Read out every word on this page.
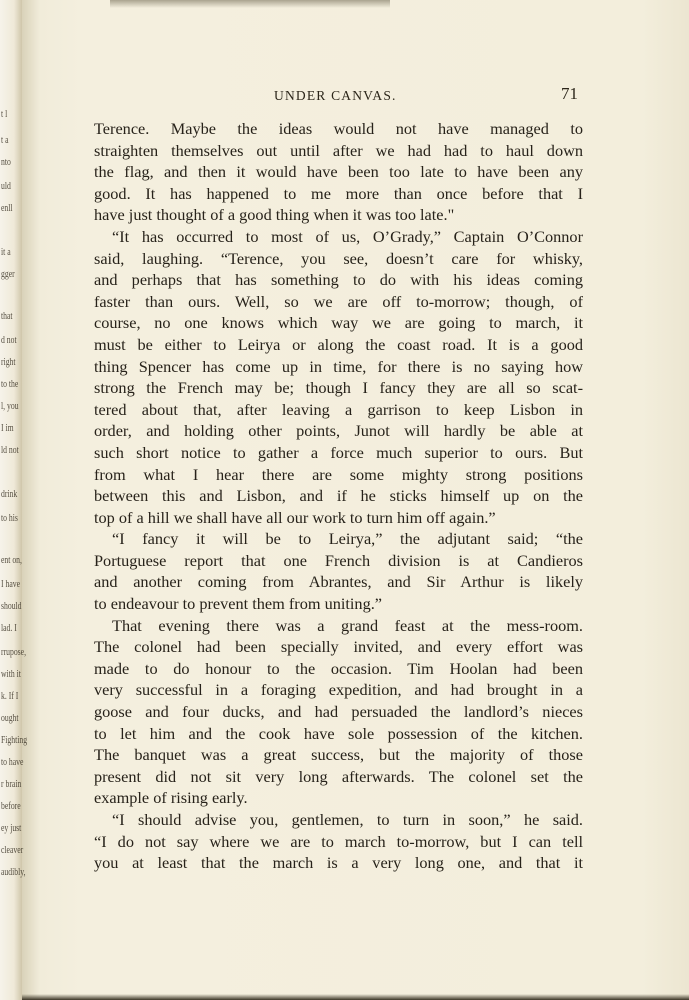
t l
t a
nto
uld
enll
it a
gger
that
d not
right
to the
l, you
I im
ld not
drink
to his
ent on,
I have
should
lad. I
rrupose,
with it
k. If I
ought
Fighting
to have
r brain
before
ey just
cleaver
audibly,
UNDER CANVAS.	71
Terence. Maybe the ideas would not have managed to
straighten themselves out until after we had had to haul down
the flag, and then it would have been too late to have been any
good. It has happened to me more than once before that I
have just thought of a good thing when it was too late."
“It has occurred to most of us, O’Grady,” Captain O’Connor
said, laughing. “Terence, you see, doesn’t care for whisky,
and perhaps that has something to do with his ideas coming
faster than ours. Well, so we are off to-morrow; though, of
course, no one knows which way we are going to march, it
must be either to Leirya or along the coast road. It is a good
thing Spencer has come up in time, for there is no saying how
strong the French may be; though I fancy they are all so scat-
tered about that, after leaving a garrison to keep Lisbon in
order, and holding other points, Junot will hardly be able at
such short notice to gather a force much superior to ours. But
from what I hear there are some mighty strong positions
between this and Lisbon, and if he sticks himself up on the
top of a hill we shall have all our work to turn him off again.”
“I fancy it will be to Leirya,” the adjutant said; “the
Portuguese report that one French division is at Candieros
and another coming from Abrantes, and Sir Arthur is likely
to endeavour to prevent them from uniting.”
That evening there was a grand feast at the mess-room.
The colonel had been specially invited, and every effort was
made to do honour to the occasion. Tim Hoolan had been
very successful in a foraging expedition, and had brought in a
goose and four ducks, and had persuaded the landlord’s nieces
to let him and the cook have sole possession of the kitchen.
The banquet was a great success, but the majority of those
present did not sit very long afterwards. The colonel set the
example of rising early.
“I should advise you, gentlemen, to turn in soon,” he said.
“I do not say where we are to march to-morrow, but I can tell
you at least that the march is a very long one, and that it
